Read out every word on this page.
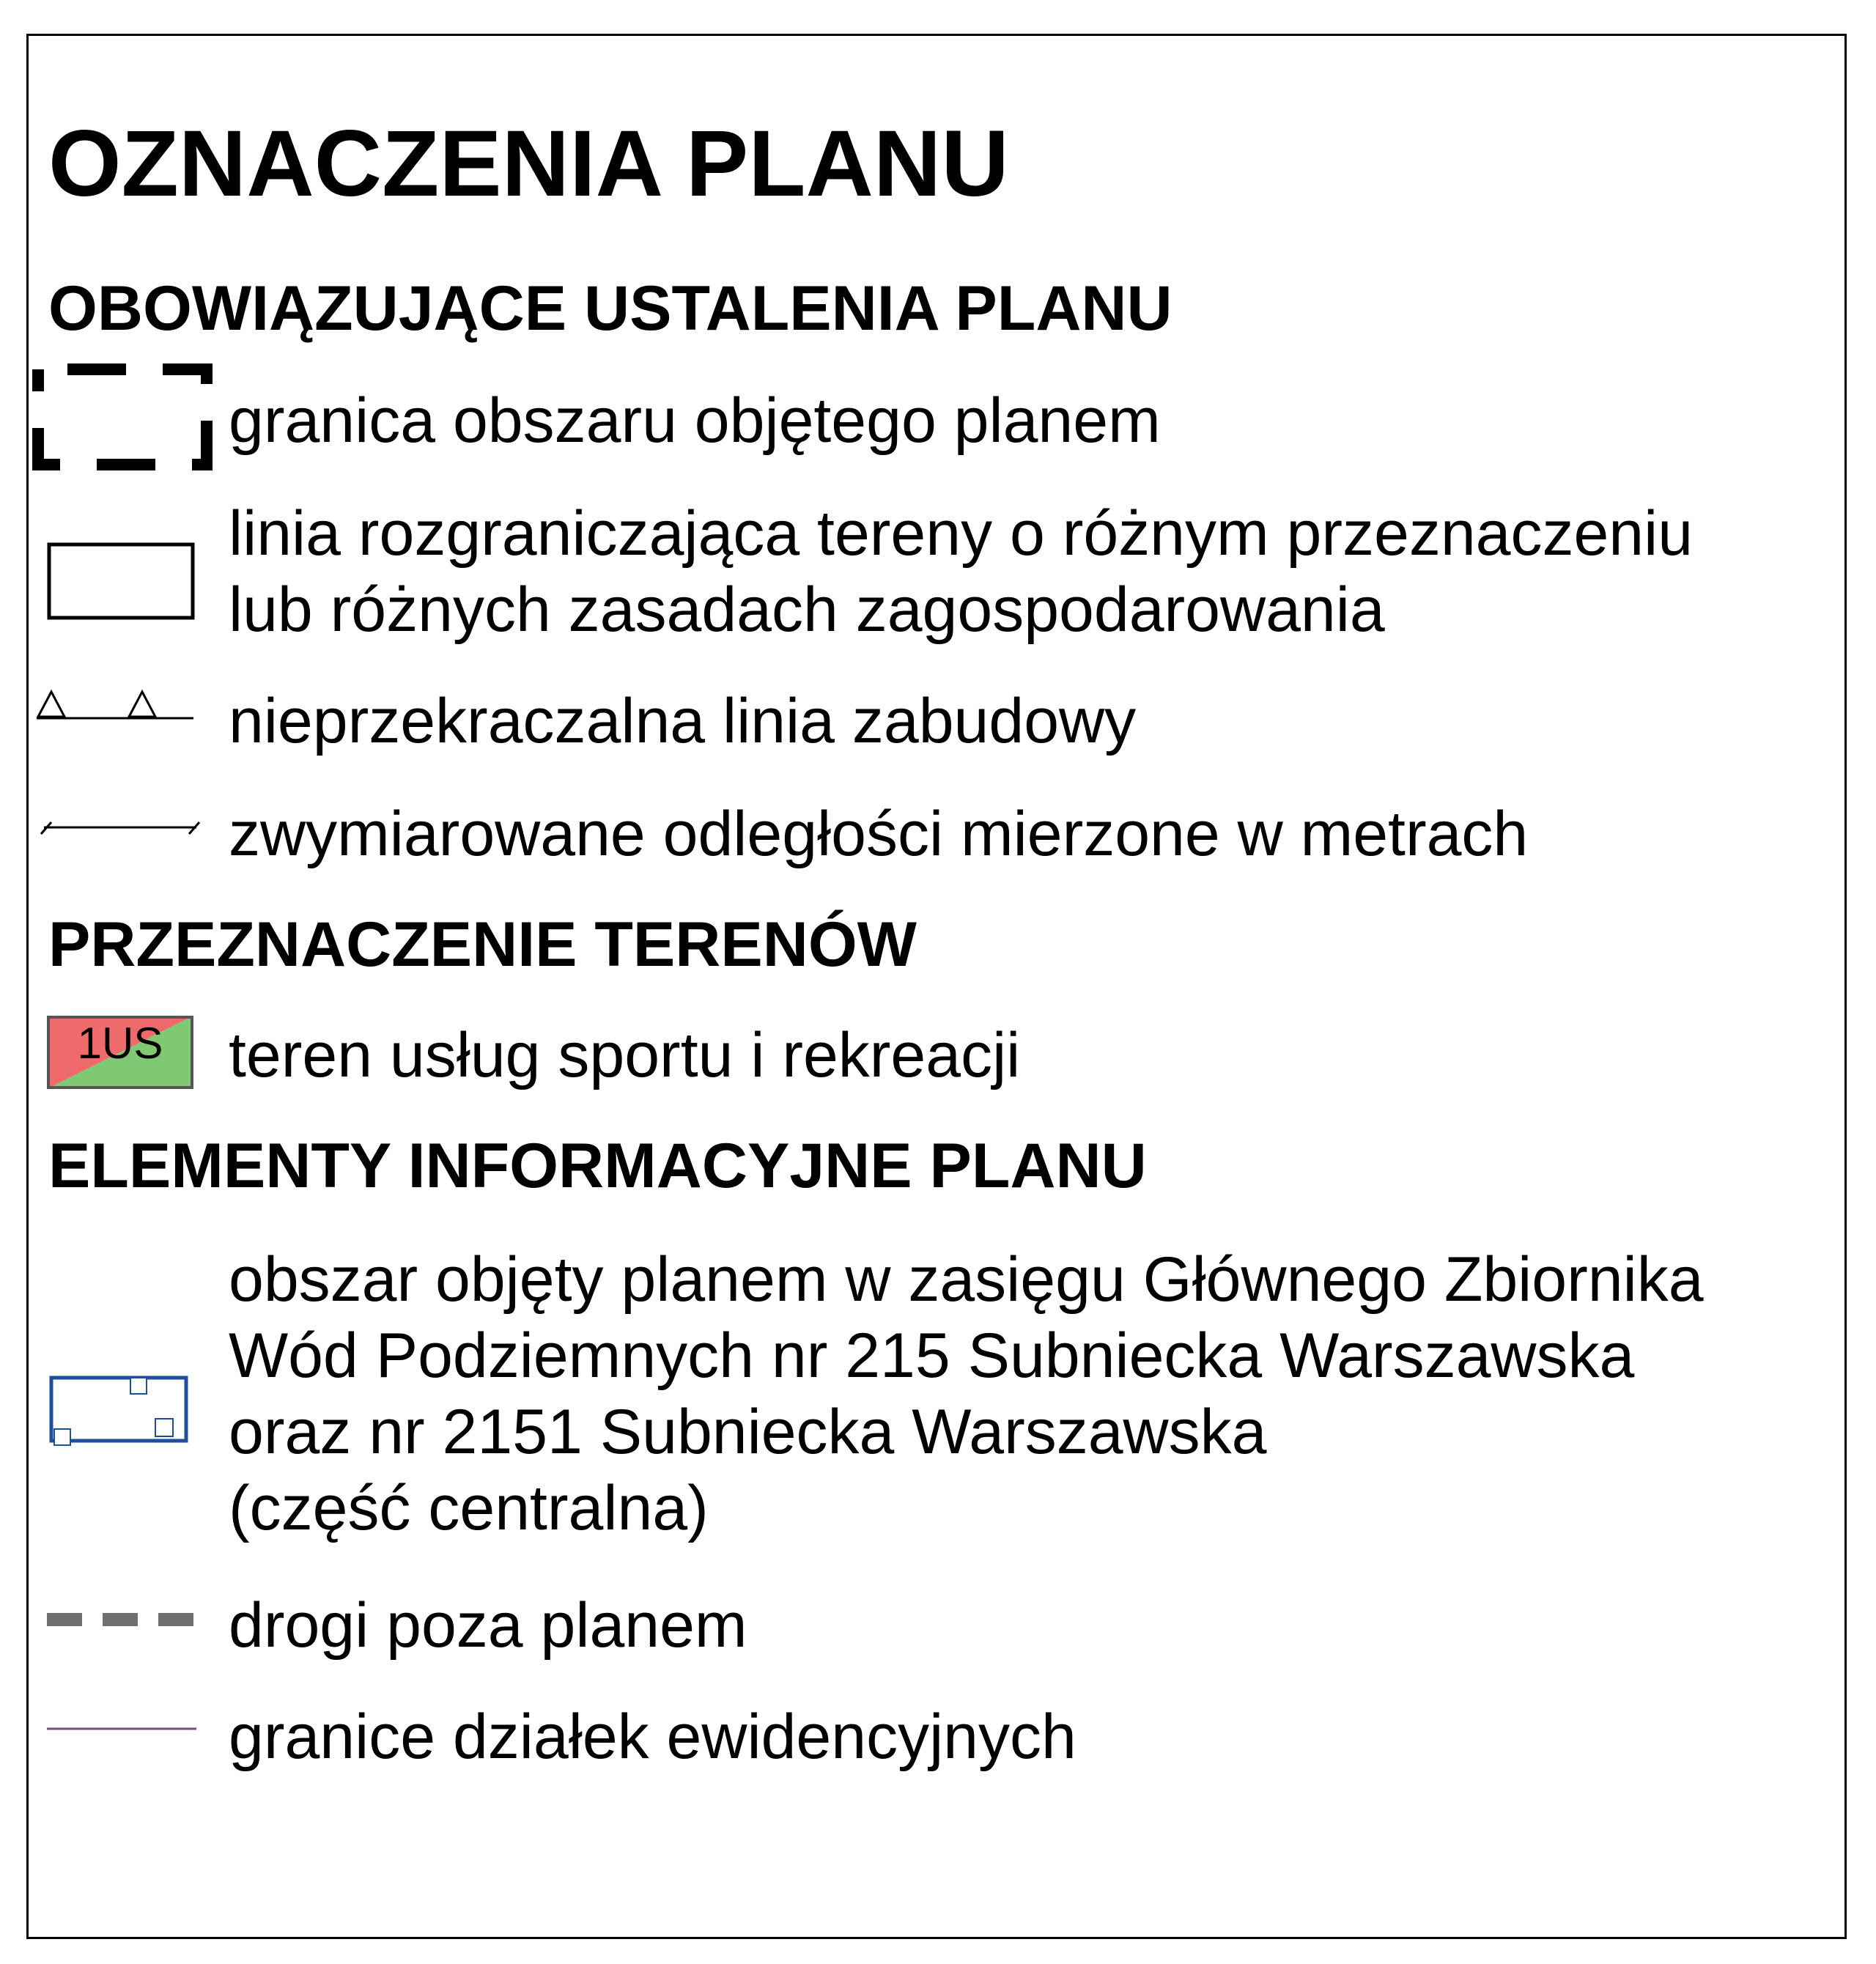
OZNACZENIA PLANU
OBOWIĄZUJĄCE USTALENIA PLANU
granica obszaru objętego planem
linia rozgraniczająca tereny o różnym przeznaczeniu
lub różnych zasadach zagospodarowania
nieprzekraczalna linia zabudowy
zwymiarowane odległości mierzone w metrach
PRZEZNACZENIE TERENÓW
1US	teren usług sportu i rekreacji
ELEMENTY INFORMACYJNE PLANU
obszar objęty planem w zasięgu Głównego Zbiornika
Wód Podziemnych nr 215 Subniecka Warszawska
oraz nr 2151 Subniecka Warszawska
(część centralna)
drogi poza planem
granice działek ewidencyjnych
